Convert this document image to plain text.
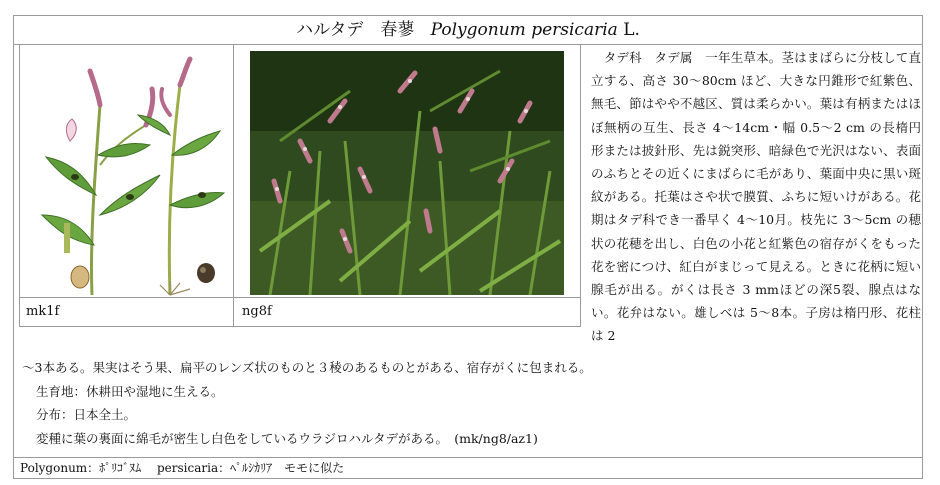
ハルタデ　春蓼 Polygonum persicaria L.
mk1f	ng8f

　タデ科　タデ属　一年生草本。茎はまばらに分枝して直立する、高さ 30～80cm ほど、大きな円錐形で紅紫色、無毛、節はやや不越区、質は柔らかい。葉は有柄またはほぼ無柄の互生、長さ 4～14cm・幅 0.5～2 cm の長楕円形または披針形、先は鋭突形、暗緑色で光沢はない、表面のふちとその近くにまばらに毛があり、葉面中央に黒い斑紋がある。托葉はさや状で膜質、ふちに短いけがある。花期はタデ科でき一番早く 4～10月。枝先に 3～5cm の穂状の花穂を出し、白色の小花と紅紫色の宿存がくをもった花を密につけ、紅白がまじって見える。ときに花柄に短い腺毛が出る。がくは長さ 3 mmほどの深5裂、腺点はない。花弁はない。雄しべは 5～8本。子房は楕円形、花柱は 2

～3本ある。果実はそう果、扁平のレンズ状のものと３稜のあるものとがある、宿存がくに包まれる。

生育地：休耕田や湿地に生える。

分布：日本全土。

変種に葉の裏面に綿毛が密生し白色をしているウラジロハルタデがある。　(mk/ng8/az1)

Polygonum：ﾎﾟﾘｺﾞﾇﾑ　 persicaria：ﾍﾟﾙｼｶﾘｱ　モモに似た
